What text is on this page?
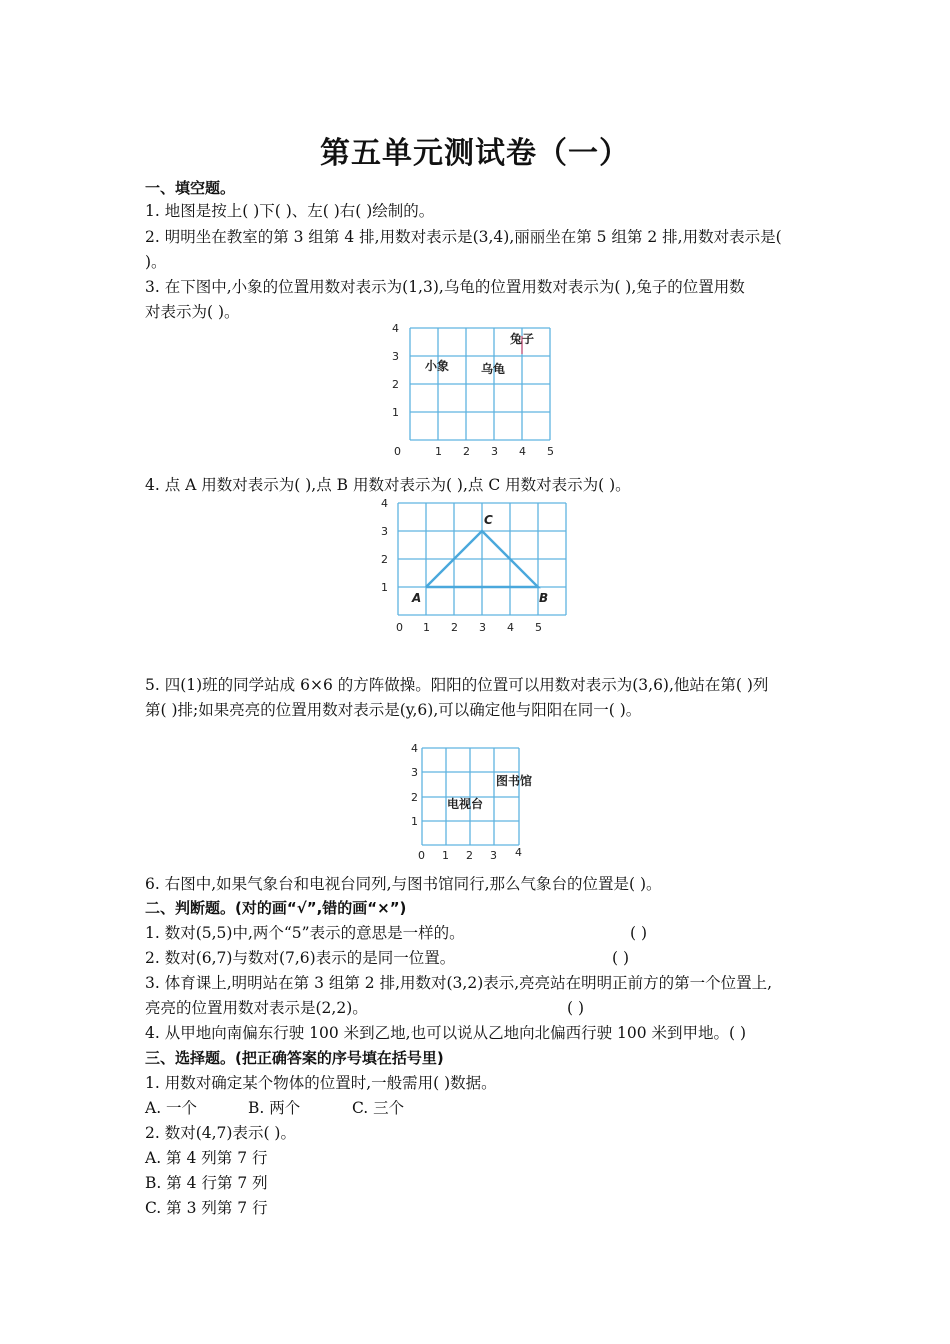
第五单元测试卷（一）
一、填空题。
1. 地图是按上( )下( )、左( )右( )绘制的。
2. 明明坐在教室的第 3 组第 4 排,用数对表示是(3,4),丽丽坐在第 5 组第 2 排,用数对表示是(
)。
3. 在下图中,小象的位置用数对表示为(1,3),乌龟的位置用数对表示为( ),兔子的位置用数
对表示为( )。
0	1 2 3 4 5
1
2
3
4
小象	乌龟
兔子
4. 点 A 用数对表示为( ),点 B 用数对表示为( ),点 C 用数对表示为( )。
0 1 2 3 4 5
1
2
3
4
A	B
C
5. 四(1)班的同学站成 6×6 的方阵做操。阳阳的位置可以用数对表示为(3,6),他站在第( )列
第( )排;如果亮亮的位置用数对表示是(y,6),可以确定他与阳阳在同一( )。
0 1 2 3 4
1
2
3
4
图书馆
电视台
6. 右图中,如果气象台和电视台同列,与图书馆同行,那么气象台的位置是( )。
二、判断题。(对的画“√”,错的画“×”)
1. 数对(5,5)中,两个“5”表示的意思是一样的。	( )
2. 数对(6,7)与数对(7,6)表示的是同一位置。	( )
3. 体育课上,明明站在第 3 组第 2 排,用数对(3,2)表示,亮亮站在明明正前方的第一个位置上,
亮亮的位置用数对表示是(2,2)。	( )
4. 从甲地向南偏东行驶 100 米到乙地,也可以说从乙地向北偏西行驶 100 米到甲地。( )
三、选择题。(把正确答案的序号填在括号里)
1. 用数对确定某个物体的位置时,一般需用( )数据。
A. 一个	B. 两个	C. 三个
2. 数对(4,7)表示( )。
A. 第 4 列第 7 行
B. 第 4 行第 7 列
C. 第 3 列第 7 行
